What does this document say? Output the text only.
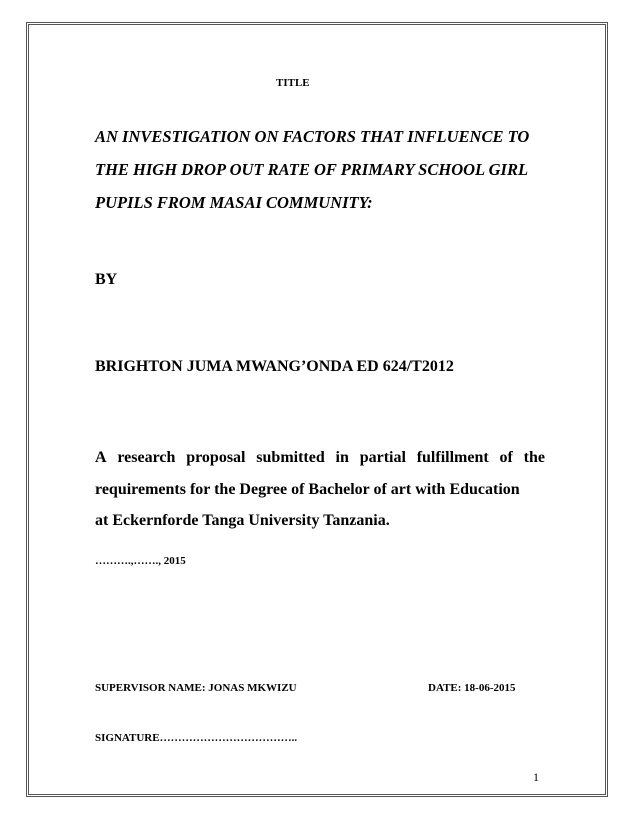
TITLE

AN INVESTIGATION ON FACTORS THAT INFLUENCE TO
THE HIGH DROP OUT RATE OF PRIMARY SCHOOL GIRL
PUPILS FROM MASAI COMMUNITY:

BY

BRIGHTON JUMA MWANG’ONDA ED 624/T2012

A research proposal submitted in partial fulfillment of the
requirements for the Degree of Bachelor of art with Education
at Eckernforde Tanga University Tanzania.

……….,……., 2015

SUPERVISOR NAME: JONAS MKWIZU	DATE: 18-06-2015

SIGNATURE………………………………..

1
